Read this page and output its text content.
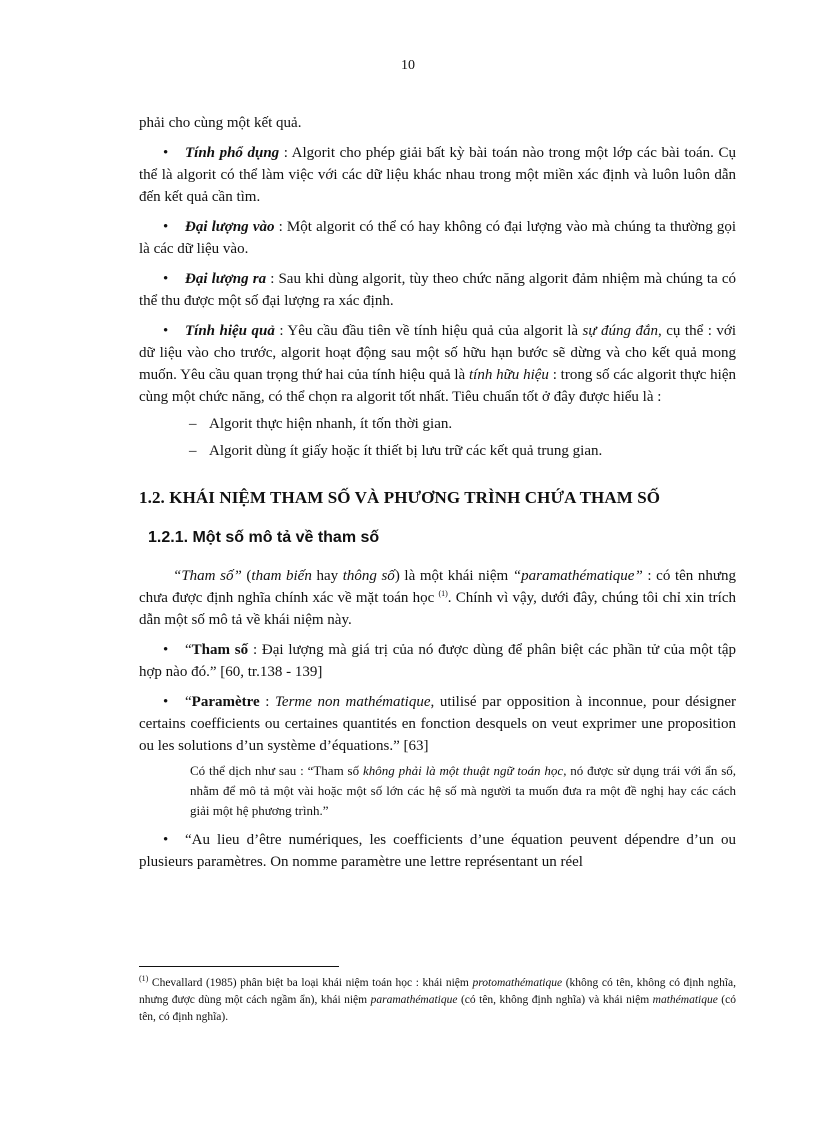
10

phải cho cùng một kết quả.

• Tính phổ dụng : Algorit cho phép giải bất kỳ bài toán nào trong một lớp các bài toán. Cụ thể là algorit có thể làm việc với các dữ liệu khác nhau trong một miền xác định và luôn luôn dẫn đến kết quả cần tìm.

• Đại lượng vào : Một algorit có thể có hay không có đại lượng vào mà chúng ta thường gọi là các dữ liệu vào.

• Đại lượng ra : Sau khi dùng algorit, tùy theo chức năng algorit đảm nhiệm mà chúng ta có thể thu được một số đại lượng ra xác định.

• Tính hiệu quả : Yêu cầu đầu tiên về tính hiệu quả của algorit là sự đúng đắn, cụ thể : với dữ liệu vào cho trước, algorit hoạt động sau một số hữu hạn bước sẽ dừng và cho kết quả mong muốn. Yêu cầu quan trọng thứ hai của tính hiệu quả là tính hữu hiệu : trong số các algorit thực hiện cùng một chức năng, có thể chọn ra algorit tốt nhất. Tiêu chuẩn tốt ở đây được hiểu là :

– Algorit thực hiện nhanh, ít tốn thời gian.

– Algorit dùng ít giấy hoặc ít thiết bị lưu trữ các kết quả trung gian.

1.2. KHÁI NIỆM THAM SỐ VÀ PHƯƠNG TRÌNH CHỨA THAM SỐ

1.2.1. Một số mô tả về tham số

“Tham số” (tham biến hay thông số) là một khái niệm “paramathématique” : có tên nhưng chưa được định nghĩa chính xác về mặt toán học $^{(1)}$. Chính vì vậy, dưới đây, chúng tôi chỉ xin trích dẫn một số mô tả về khái niệm này.

• “Tham số : Đại lượng mà giá trị của nó được dùng để phân biệt các phần tử của một tập hợp nào đó.” [60, tr.138 - 139]

• “Paramètre : Terme non mathématique, utilisé par opposition à inconnue, pour désigner certains coefficients ou certaines quantités en fonction desquels on veut exprimer une proposition ou les solutions d’un système d’équations.” [63]

Có thể dịch như sau : “Tham số không phải là một thuật ngữ toán học, nó được sử dụng trái với ẩn số, nhằm để mô tả một vài hoặc một số lớn các hệ số mà người ta muốn đưa ra một đề nghị hay các cách giải một hệ phương trình.”

• “Au lieu d’être numériques, les coefficients d’une équation peuvent dépendre d’un ou plusieurs paramètres. On nomme paramètre une lettre représentant un réel

$^{(1)}$ Chevallard (1985) phân biệt ba loại khái niệm toán học : khái niệm protomathématique (không có tên, không có định nghĩa, nhưng được dùng một cách ngầm ẩn), khái niệm paramathématique (có tên, không định nghĩa) và khái niệm mathématique (có tên, có định nghĩa).
